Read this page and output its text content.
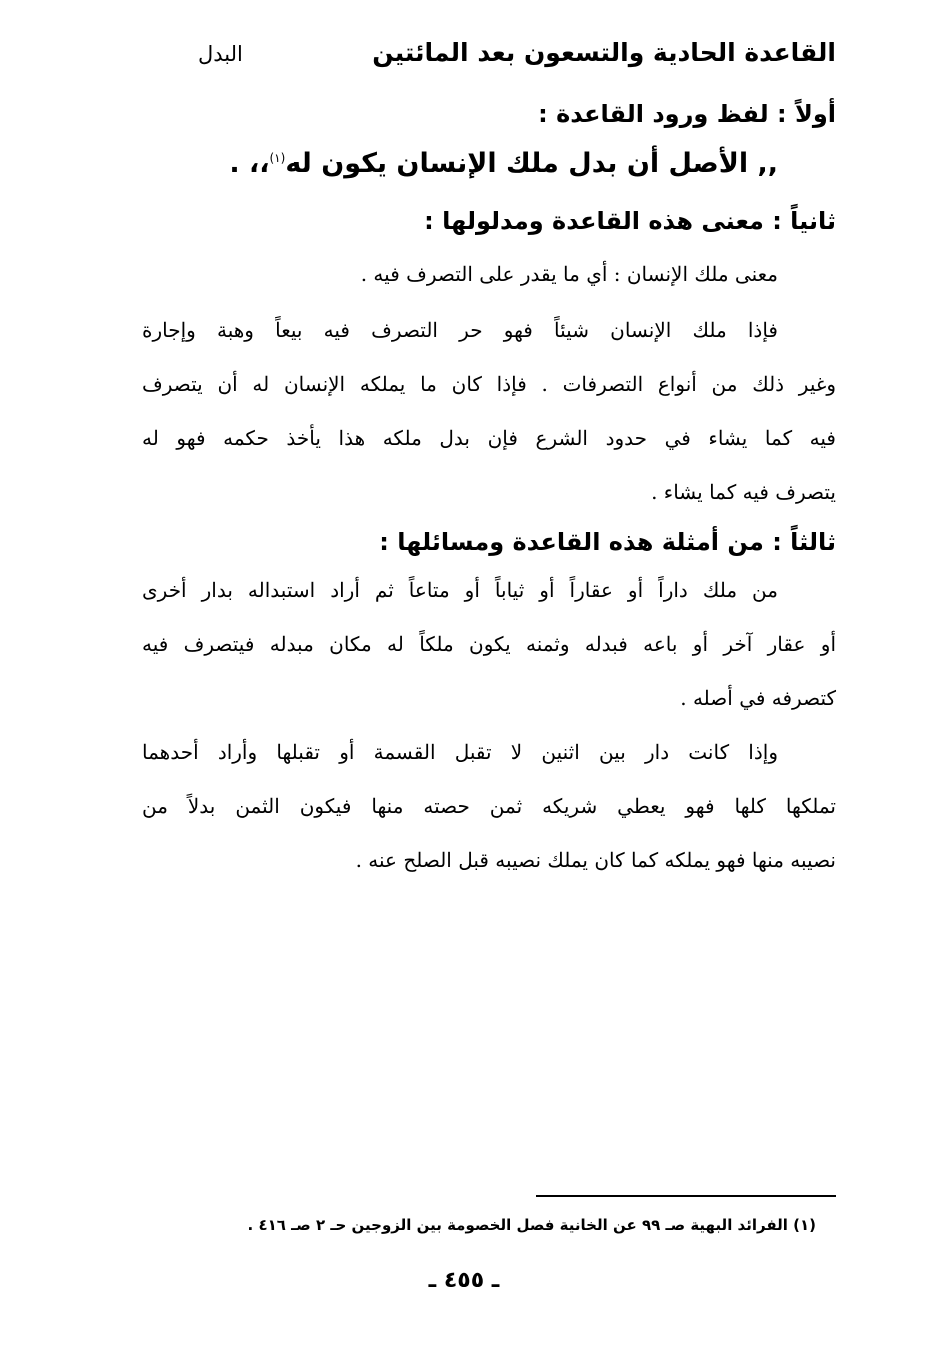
القاعدة الحادية والتسعون بعد المائتين
البدل
أولاً : لفظ ورود القاعدة :
,, الأصل أن بدل ملك الإنسان يكون له$^{(١)}$،، .
ثانياً : معنى هذه القاعدة ومدلولها :
معنى ملك الإنسان : أي ما يقدر على التصرف فيه .
فإذا ملك الإنسان شيئاً فهو حر التصرف فيه بيعاً وهبة وإجارة
وغير ذلك من أنواع التصرفات . فإذا كان ما يملكه الإنسان له أن يتصرف
فيه كما يشاء في حدود الشرع فإن بدل ملكه هذا يأخذ حكمه فهو له
يتصرف فيه كما يشاء .
ثالثاً : من أمثلة هذه القاعدة ومسائلها :
من ملك داراً أو عقاراً أو ثياباً أو متاعاً ثم أراد استبداله بدار أخرى
أو عقار آخر أو باعه فبدله وثمنه يكون ملكاً له مكان مبدله فيتصرف فيه
كتصرفه في أصله .
وإذا كانت دار بين اثنين لا تقبل القسمة أو تقبلها وأراد أحدهما
تملكها كلها فهو يعطي شريكه ثمن حصته منها فيكون الثمن بدلاً من
نصيبه منها فهو يملكه كما كان يملك نصيبه قبل الصلح عنه .
(١) الفرائد البهية صـ ٩٩ عن الخانية فصل الخصومة بين الزوجين حـ ٢ صـ ٤١٦ .
ـ ٤٥٥ ـ
